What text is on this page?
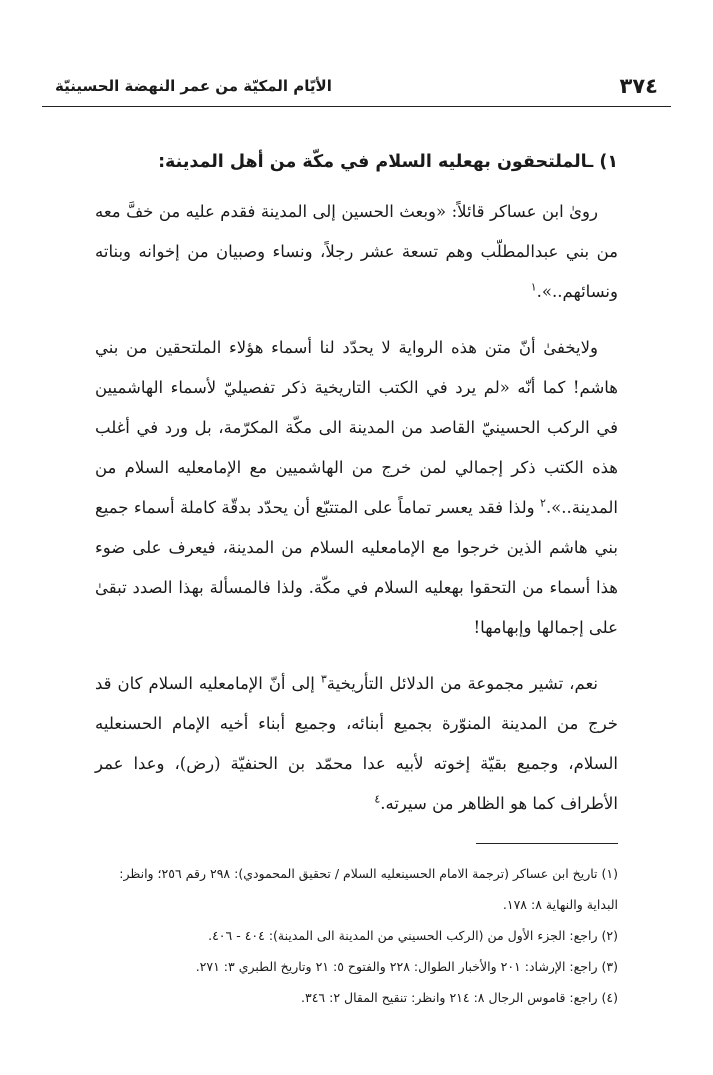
٣٧٤
الأيّام المكيّة من عمر النهضة الحسينيّة
١) ـالملتحقون بهعليه السلام في مكّة من أهل المدينة:

روىٰ ابن عساكر قائلاً: «وبعث الحسين إلى المدينة فقدم عليه من خفَّ معه من بني عبدالمطلّب وهم تسعة عشر رجلاً، ونساء وصبيان من إخوانه وبناته ونسائهم..».$^١$

ولايخفىٰ أنّ متن هذه الرواية لا يحدّد لنا أسماء هؤلاء الملتحقين من بني هاشم! كما أنّه «لم يرد في الكتب التاريخية ذكر تفصيليّ لأسماء الهاشميين في الركب الحسينيّ القاصد من المدينة الى مكّة المكرّمة، بل ورد في أغلب هذه الكتب ذكر إجمالي لمن خرج من الهاشميين مع الإمامعليه السلام من المدينة..».$^٢$ ولذا فقد يعسر تماماً على المتتبّع أن يحدّد بدقّة كاملة أسماء جميع بني هاشم الذين خرجوا مع الإمامعليه السلام من المدينة، فيعرف على ضوء هذا أسماء من التحقوا بهعليه السلام في مكّة. ولذا فالمسألة بهذا الصدد تبقىٰ على إجمالها وإبهامها!

نعم، تشير مجموعة من الدلائل التأريخية$^٣$ إلى أنّ الإمامعليه السلام كان قد خرج من المدينة المنوّرة بجميع أبنائه، وجميع أبناء أخيه الإمام الحسنعليه السلام، وجميع بقيّة إخوته لأبيه عدا محمّد بن الحنفيّة (رض)، وعدا عمر الأطراف كما هو الظاهر من سيرته.$^٤$

(١) تاريخ ابن عساكر (ترجمة الامام الحسينعليه السلام / تحقيق المحمودي): ٢٩٨ رقم ٢٥٦؛ وانظر: البداية والنهاية ٨: ١٧٨.

(٢) راجع: الجزء الأول من (الركب الحسيني من المدينة الى المدينة): ٤٠٤ - ٤٠٦.

(٣) راجع: الإرشاد: ٢٠١ والأخبار الطوال: ٢٢٨ والفتوح ٥: ٢١ وتاريخ الطبري ٣: ٢٧١.

(٤) راجع: قاموس الرجال ٨: ٢١٤ وانظر: تنقيح المقال ٢: ٣٤٦.
